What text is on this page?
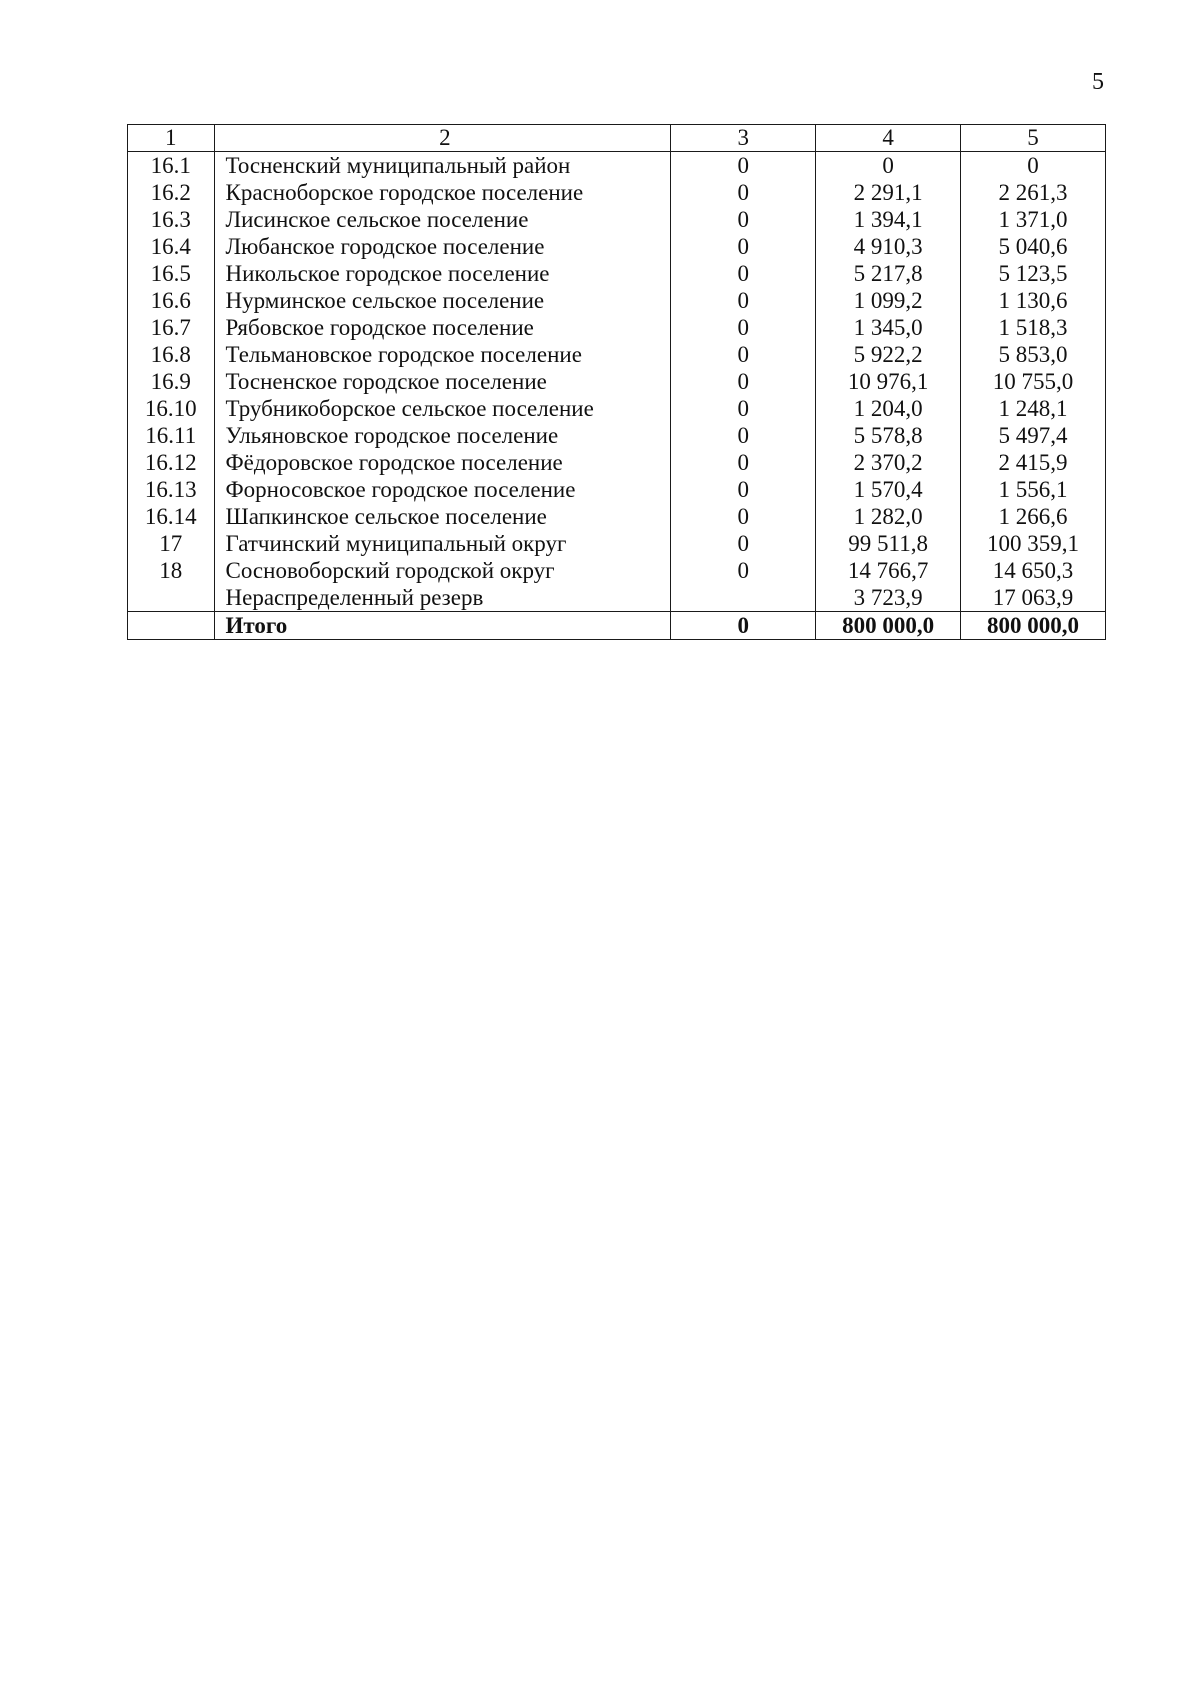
5
1	2	3	4	5
16.1	Тосненский муниципальный район	0	0	0
16.2	Красноборское городское поселение	0	2 291,1	2 261,3
16.3	Лисинское сельское поселение	0	1 394,1	1 371,0
16.4	Любанское городское поселение	0	4 910,3	5 040,6
16.5	Никольское городское поселение	0	5 217,8	5 123,5
16.6	Нурминское сельское поселение	0	1 099,2	1 130,6
16.7	Рябовское городское поселение	0	1 345,0	1 518,3
16.8	Тельмановское городское поселение	0	5 922,2	5 853,0
16.9	Тосненское городское поселение	0	10 976,1	10 755,0
16.10	Трубникоборское сельское поселение	0	1 204,0	1 248,1
16.11	Ульяновское городское поселение	0	5 578,8	5 497,4
16.12	Фёдоровское городское поселение	0	2 370,2	2 415,9
16.13	Форносовское городское поселение	0	1 570,4	1 556,1
16.14	Шапкинское сельское поселение	0	1 282,0	1 266,6
17	Гатчинский муниципальный округ	0	99 511,8	100 359,1
18	Сосновоборский городской округ	0	14 766,7	14 650,3
	Нераспределенный резерв		3 723,9	17 063,9
	Итого	0	800 000,0	800 000,0
